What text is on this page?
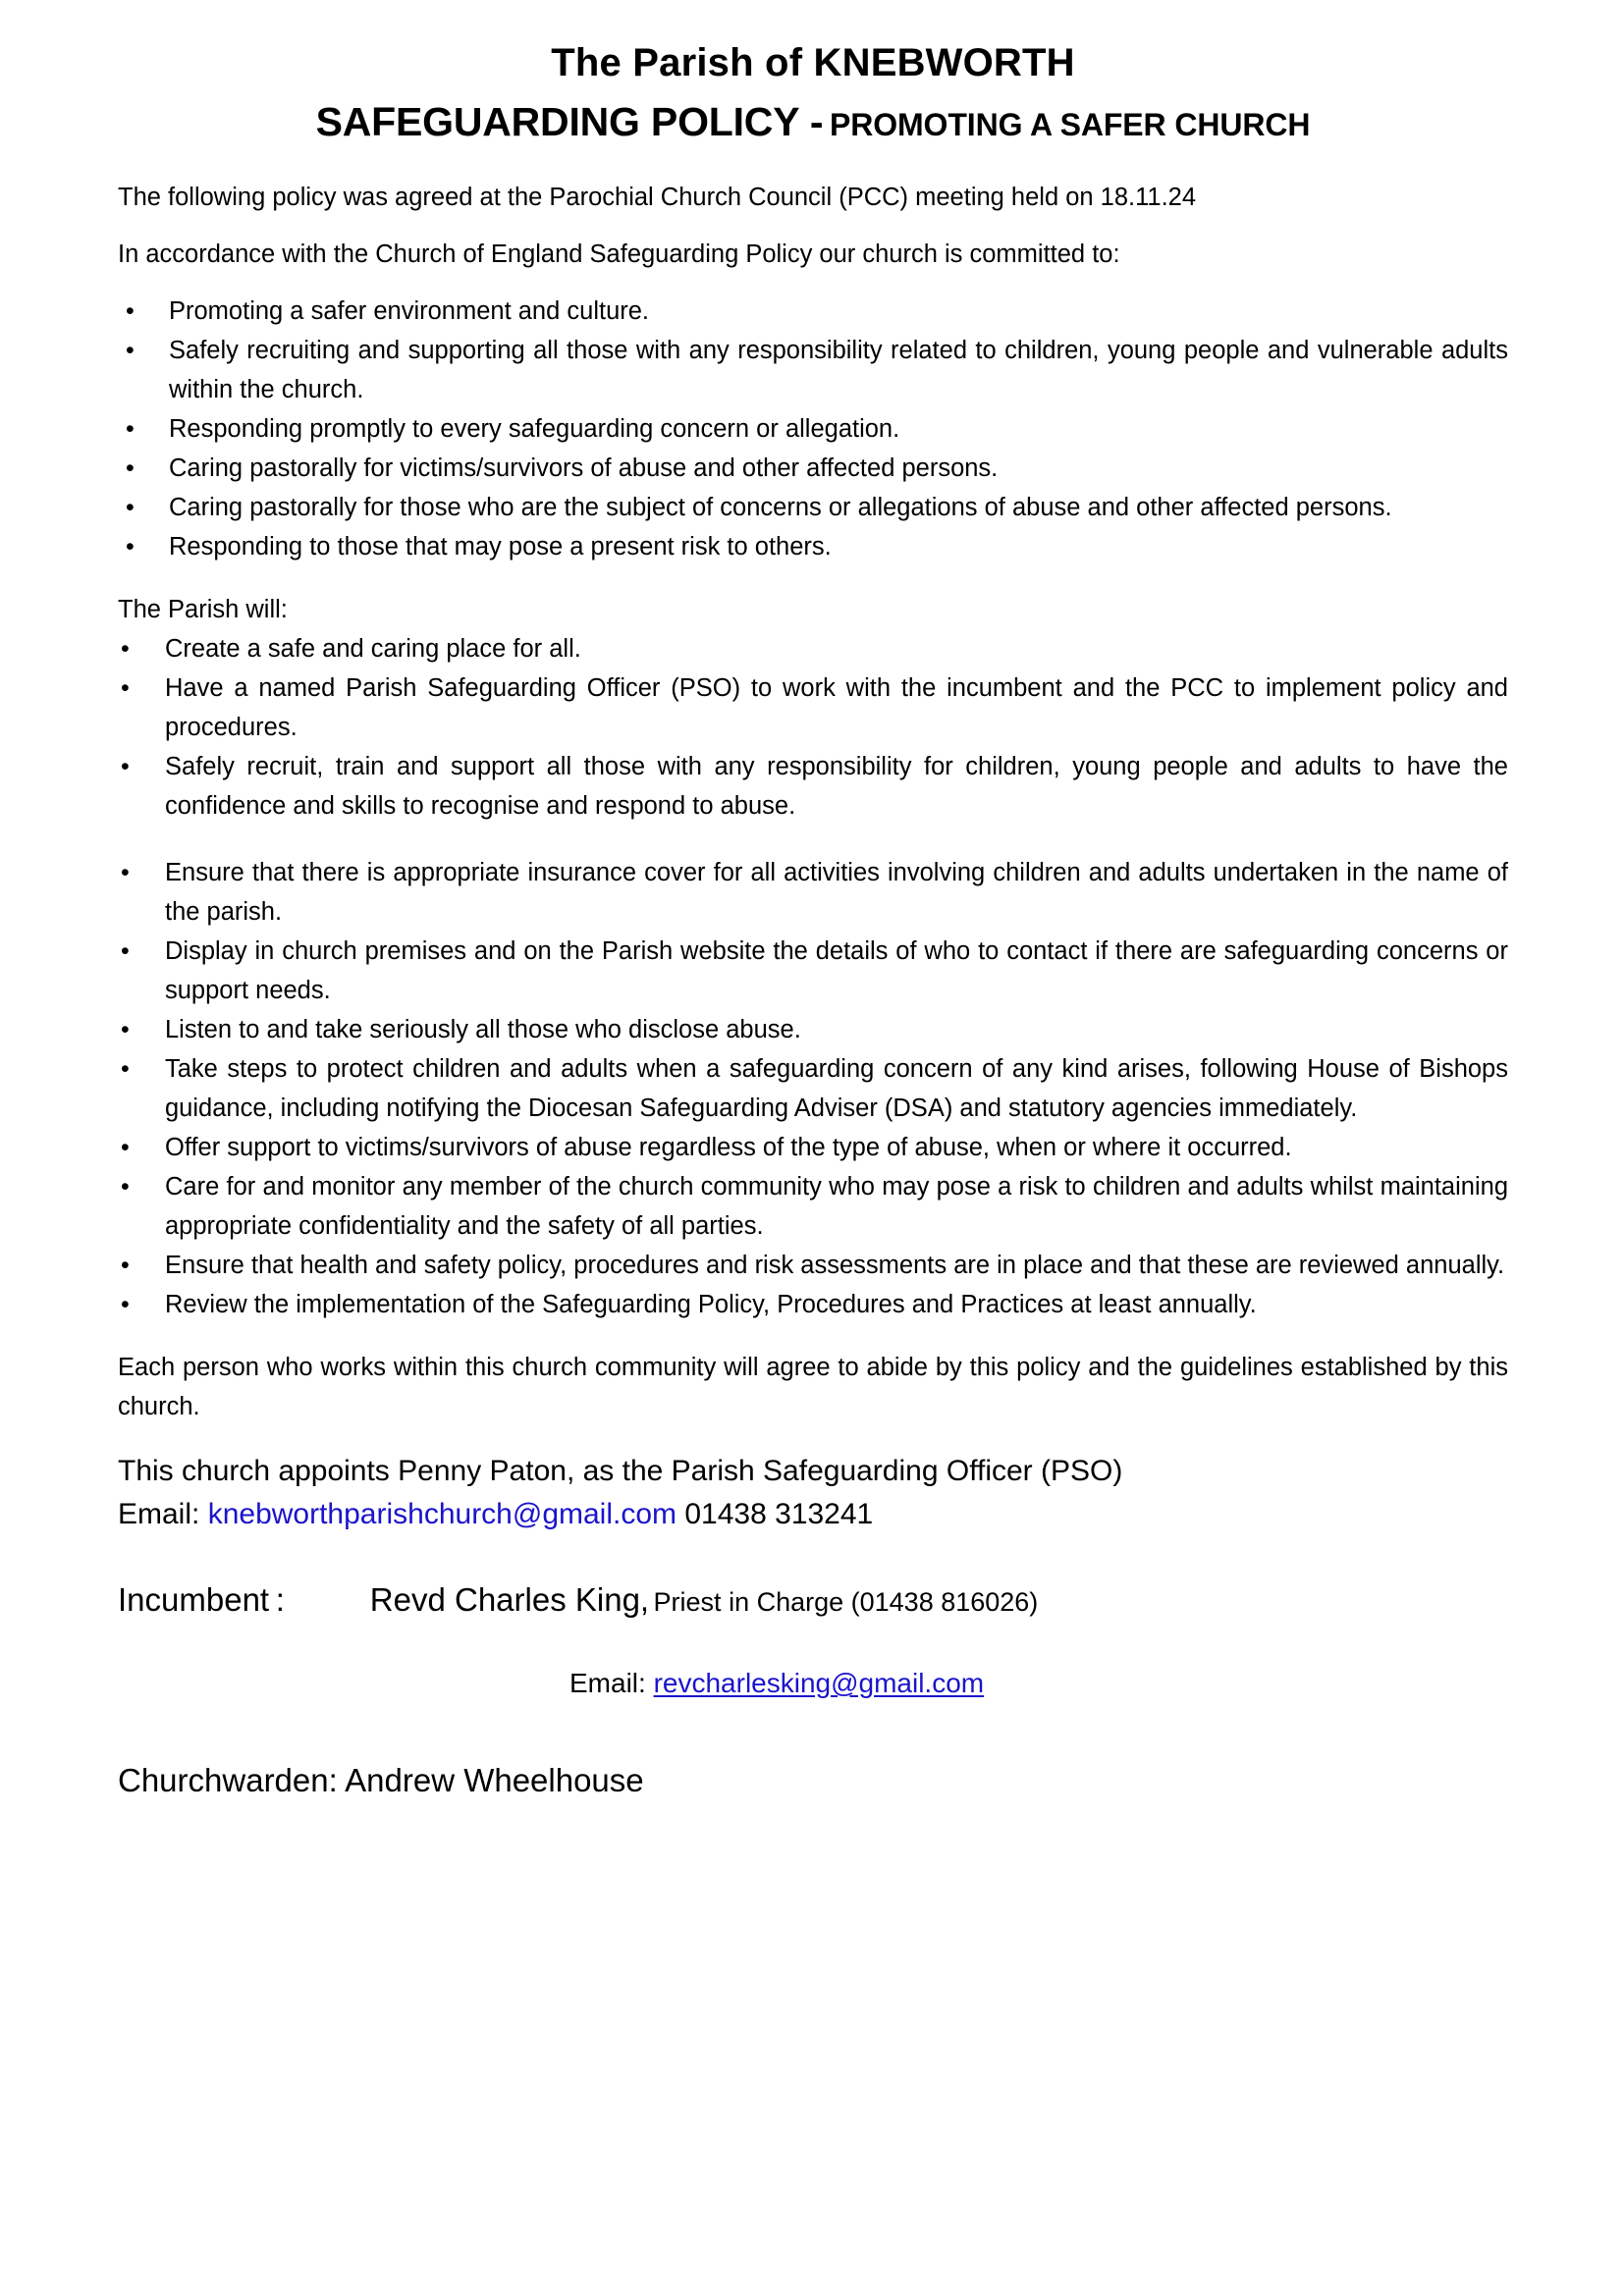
The Parish of KNEBWORTH
SAFEGUARDING POLICY - PROMOTING A SAFER CHURCH

The following policy was agreed at the Parochial Church Council (PCC) meeting held on 18.11.24

In accordance with the Church of England Safeguarding Policy our church is committed to:

• Promoting a safer environment and culture.
• Safely recruiting and supporting all those with any responsibility related to children, young people and vulnerable adults within the church.
• Responding promptly to every safeguarding concern or allegation.
• Caring pastorally for victims/survivors of abuse and other affected persons.
• Caring pastorally for those who are the subject of concerns or allegations of abuse and other affected persons.
• Responding to those that may pose a present risk to others.

The Parish will:

• Create a safe and caring place for all.
• Have a named Parish Safeguarding Officer (PSO) to work with the incumbent and the PCC to implement policy and procedures.
• Safely recruit, train and support all those with any responsibility for children, young people and adults to have the confidence and skills to recognise and respond to abuse.
• Ensure that there is appropriate insurance cover for all activities involving children and adults undertaken in the name of the parish.
• Display in church premises and on the Parish website the details of who to contact if there are safeguarding concerns or support needs.
• Listen to and take seriously all those who disclose abuse.
• Take steps to protect children and adults when a safeguarding concern of any kind arises, following House of Bishops guidance, including notifying the Diocesan Safeguarding Adviser (DSA) and statutory agencies immediately.
• Offer support to victims/survivors of abuse regardless of the type of abuse, when or where it occurred.
• Care for and monitor any member of the church community who may pose a risk to children and adults whilst maintaining appropriate confidentiality and the safety of all parties.
• Ensure that health and safety policy, procedures and risk assessments are in place and that these are reviewed annually.
• Review the implementation of the Safeguarding Policy, Procedures and Practices at least annually.

Each person who works within this church community will agree to abide by this policy and the guidelines established by this church.

This church appoints Penny Paton, as the Parish Safeguarding Officer (PSO)

Email: knebworthparishchurch@gmail.com 01438 313241

Incumbent :	Revd Charles King, Priest in Charge (01438 816026)

Email: revcharlesking@gmail.com

Churchwarden: Andrew Wheelhouse
